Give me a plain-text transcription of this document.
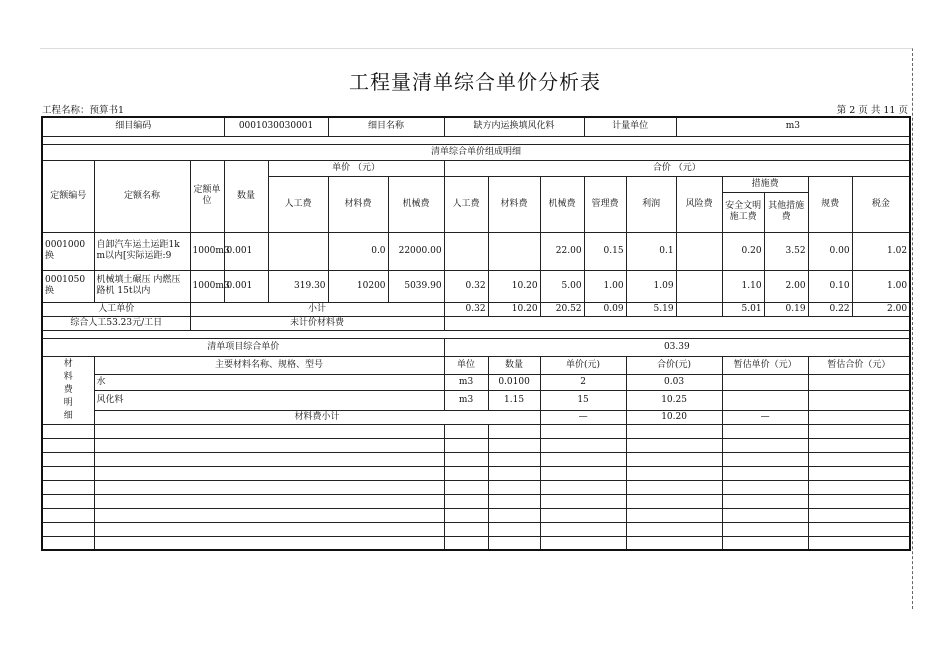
工程量清单综合单价分析表
工程名称：预算书1	第 2 页 共 11 页
细目编码			0001030030001		细目名称		缺方内运换填风化料			计量单位		m3				

清单综合单价组成明细																
定额编号	定额名称	定额单位	数量	单价 （元）			合价 （元）									
				人工费	材料费	机械费	人工费	材料费	机械费	管理费	利润	风险费	措施费		规费	税金
													安全文明施工费	其他措施费		
0001000换	自卸汽车运土运距1km以内[实际运距:9	1000m3	0.001		0.0	22000.00			22.00	0.15	0.1		0.20	3.52	0.00	1.02
0001050换	机械填土碾压 内燃压路机 15t以内	1000m3	0.001	319.30	10200	5039.90	0.32	10.20	5.00	1.00	1.09		1.10	2.00	0.10	1.00
人工单价		小计					0.32	10.20	20.52	0.09	5.19		5.01	0.19	0.22	2.00
综合人工53.23元/工日		未计价材料费														

清单项目综合单价							03.39									

材料费明细	主要材料名称、规格、型号						单位	数量	单价(元)		合价(元)		暂估单价（元）		暂估合价（元）	
	水						m3	0.0100	2		0.03					
	风化料						m3	1.15	15		10.25					
	材料费小计								—		10.20		—			
